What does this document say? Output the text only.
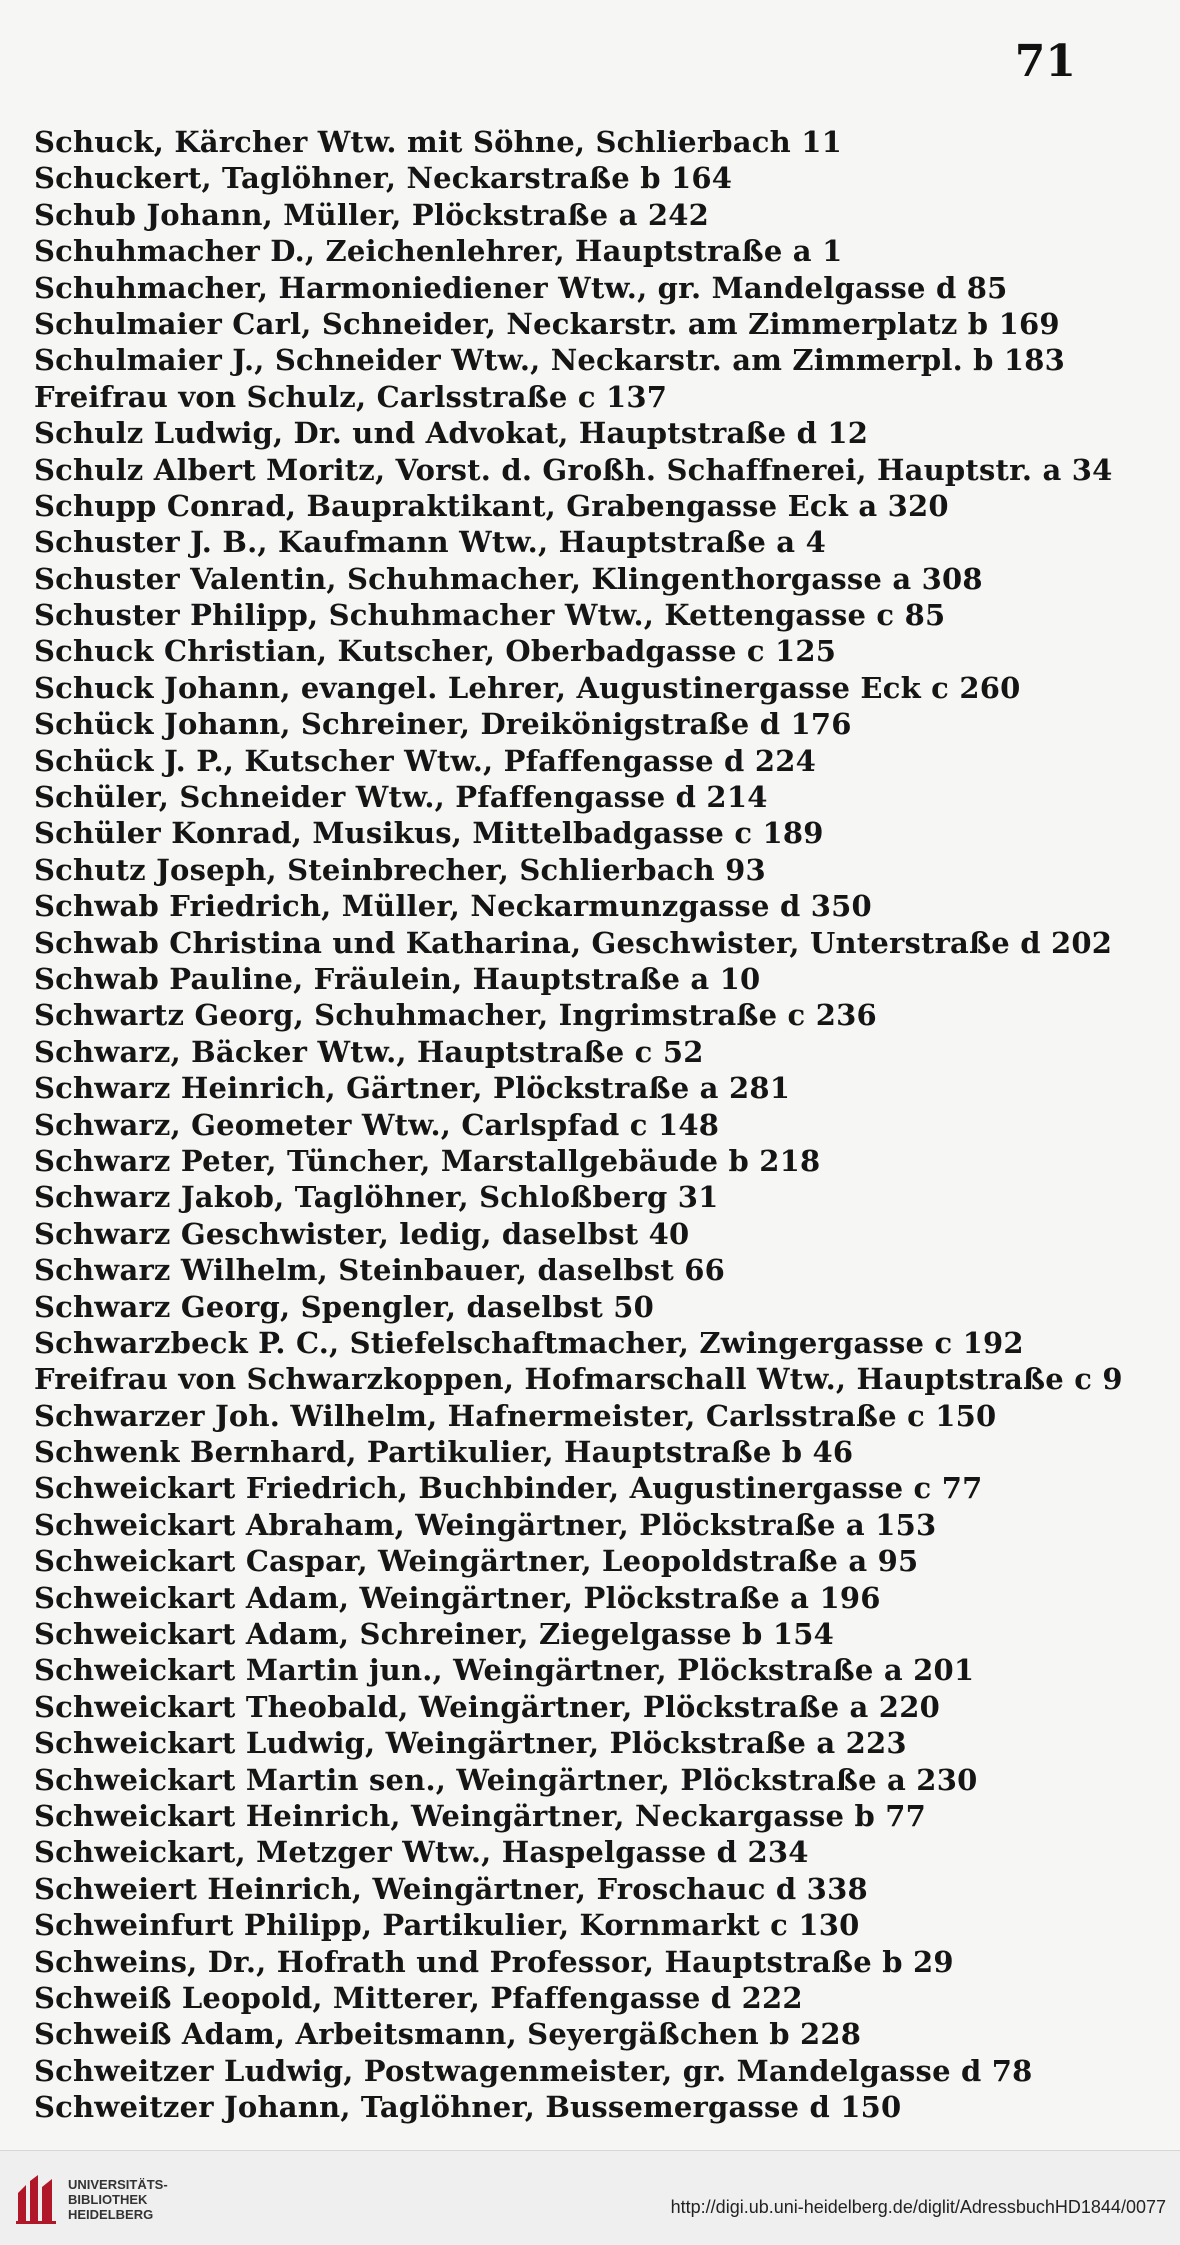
71
Schuck, Kärcher Wtw. mit Söhne, Schlierbach 11
Schuckert, Taglöhner, Neckarstraße b 164
Schub Johann, Müller, Plöckstraße a 242
Schuhmacher D., Zeichenlehrer, Hauptstraße a 1
Schuhmacher, Harmoniediener Wtw., gr. Mandelgasse d 85
Schulmaier Carl, Schneider, Neckarstr. am Zimmerplatz b 169
Schulmaier J., Schneider Wtw., Neckarstr. am Zimmerpl. b 183
Freifrau von Schulz, Carlsstraße c 137
Schulz Ludwig, Dr. und Advokat, Hauptstraße d 12
Schulz Albert Moritz, Vorst. d. Großh. Schaffnerei, Hauptstr. a 34
Schupp Conrad, Baupraktikant, Grabengasse Eck a 320
Schuster J. B., Kaufmann Wtw., Hauptstraße a 4
Schuster Valentin, Schuhmacher, Klingenthorgasse a 308
Schuster Philipp, Schuhmacher Wtw., Kettengasse c 85
Schuck Christian, Kutscher, Oberbadgasse c 125
Schuck Johann, evangel. Lehrer, Augustinergasse Eck c 260
Schück Johann, Schreiner, Dreikönigstraße d 176
Schück J. P., Kutscher Wtw., Pfaffengasse d 224
Schüler, Schneider Wtw., Pfaffengasse d 214
Schüler Konrad, Musikus, Mittelbadgasse c 189
Schutz Joseph, Steinbrecher, Schlierbach 93
Schwab Friedrich, Müller, Neckarmunzgasse d 350
Schwab Christina und Katharina, Geschwister, Unterstraße d 202
Schwab Pauline, Fräulein, Hauptstraße a 10
Schwartz Georg, Schuhmacher, Ingrimstraße c 236
Schwarz, Bäcker Wtw., Hauptstraße c 52
Schwarz Heinrich, Gärtner, Plöckstraße a 281
Schwarz, Geometer Wtw., Carlspfad c 148
Schwarz Peter, Tüncher, Marstallgebäude b 218
Schwarz Jakob, Taglöhner, Schloßberg 31
Schwarz Geschwister, ledig, daselbst 40
Schwarz Wilhelm, Steinbauer, daselbst 66
Schwarz Georg, Spengler, daselbst 50
Schwarzbeck P. C., Stiefelschaftmacher, Zwingergasse c 192
Freifrau von Schwarzkoppen, Hofmarschall Wtw., Hauptstraße c 9
Schwarzer Joh. Wilhelm, Hafnermeister, Carlsstraße c 150
Schwenk Bernhard, Partikulier, Hauptstraße b 46
Schweickart Friedrich, Buchbinder, Augustinergasse c 77
Schweickart Abraham, Weingärtner, Plöckstraße a 153
Schweickart Caspar, Weingärtner, Leopoldstraße a 95
Schweickart Adam, Weingärtner, Plöckstraße a 196
Schweickart Adam, Schreiner, Ziegelgasse b 154
Schweickart Martin jun., Weingärtner, Plöckstraße a 201
Schweickart Theobald, Weingärtner, Plöckstraße a 220
Schweickart Ludwig, Weingärtner, Plöckstraße a 223
Schweickart Martin sen., Weingärtner, Plöckstraße a 230
Schweickart Heinrich, Weingärtner, Neckargasse b 77
Schweickart, Metzger Wtw., Haspelgasse d 234
Schweiert Heinrich, Weingärtner, Froschauc d 338
Schweinfurt Philipp, Partikulier, Kornmarkt c 130
Schweins, Dr., Hofrath und Professor, Hauptstraße b 29
Schweiß Leopold, Mitterer, Pfaffengasse d 222
Schweiß Adam, Arbeitsmann, Seyergäßchen b 228
Schweitzer Ludwig, Postwagenmeister, gr. Mandelgasse d 78
Schweitzer Johann, Taglöhner, Bussemergasse d 150
UNIVERSITÄTS-
BIBLIOTHEK
HEIDELBERG	http://digi.ub.uni-heidelberg.de/diglit/AdressbuchHD1844/0077
